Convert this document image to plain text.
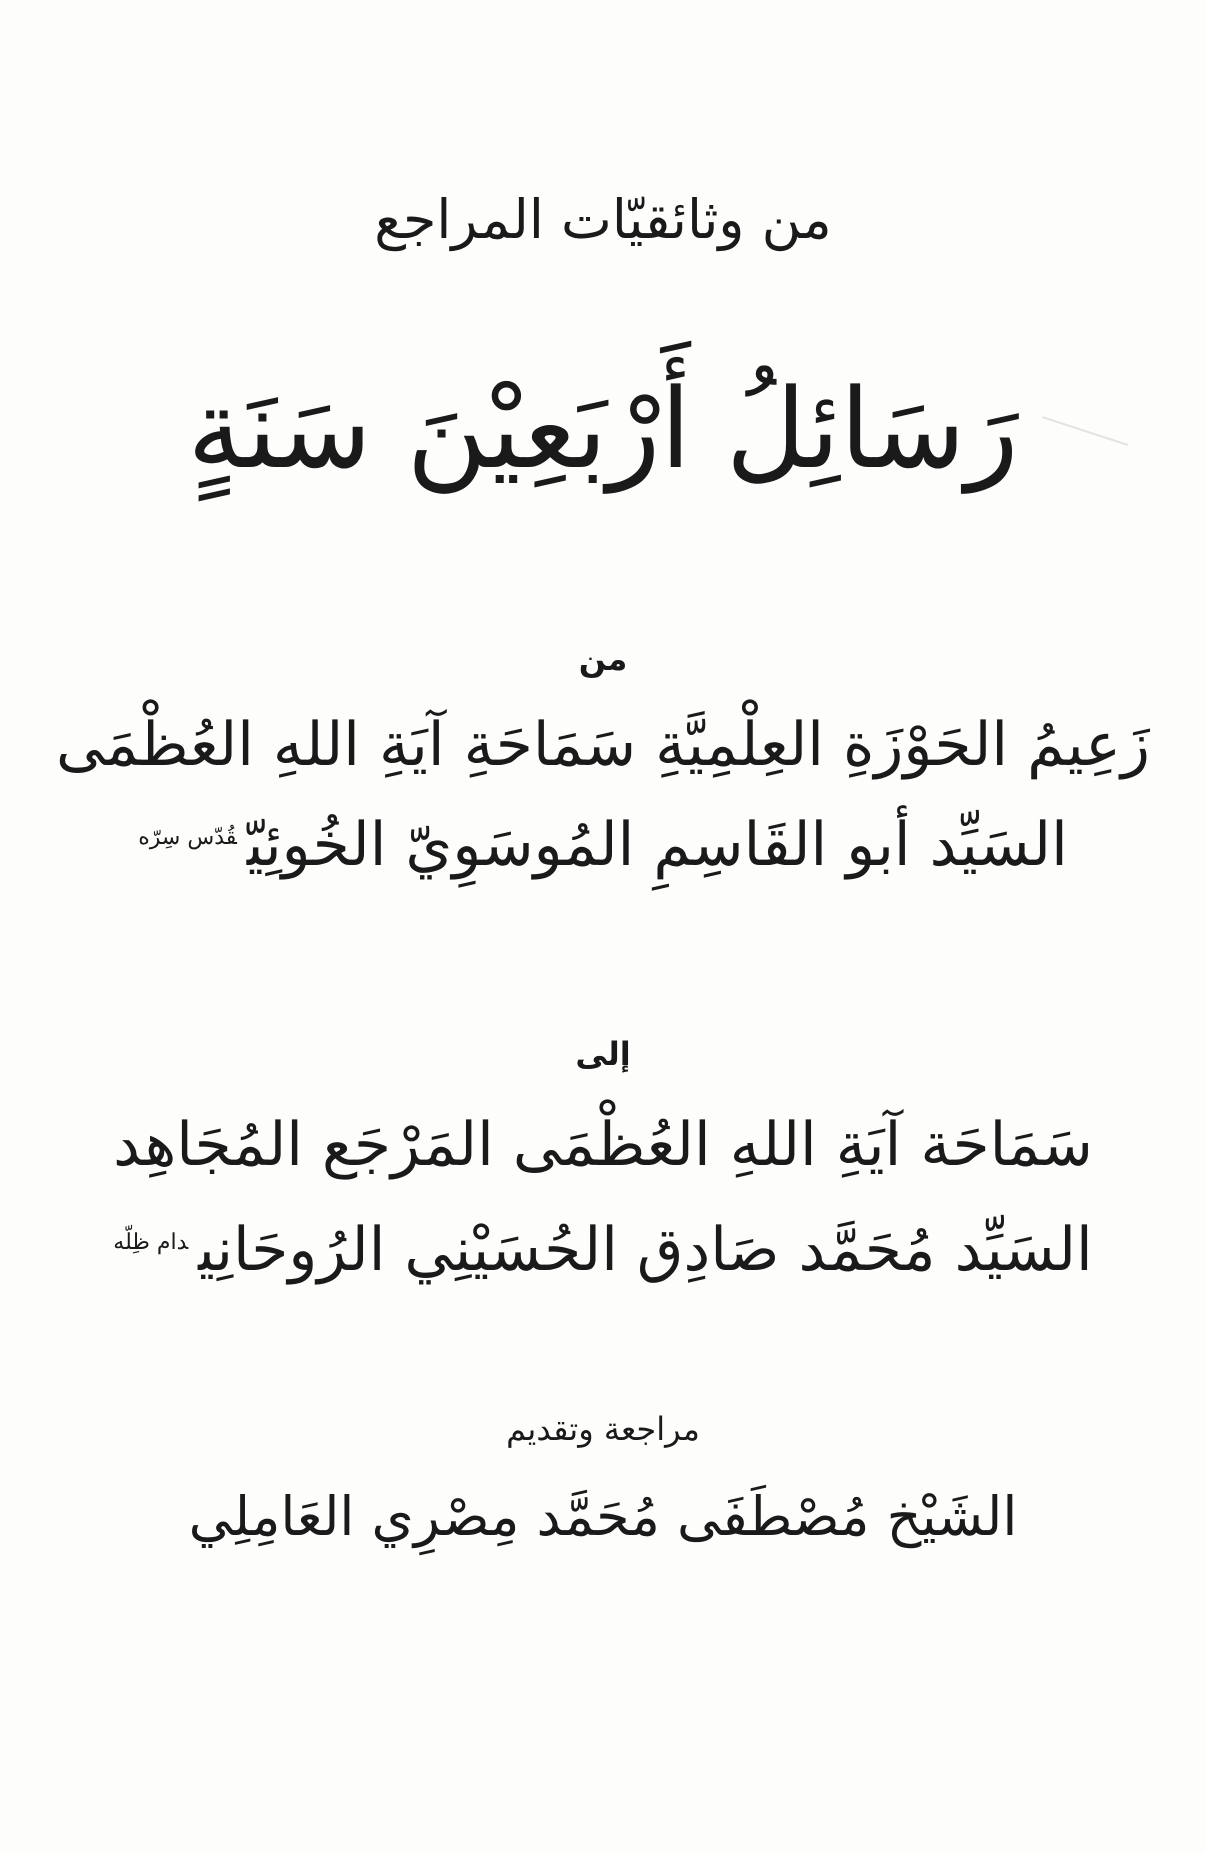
من وثائقيّات المراجع
رَسَائِلُ أَرْبَعِيْنَ سَنَةٍ
من
زَعِيمُ الحَوْزَةِ العِلْمِيَّةِ سَمَاحَةِ آيَةِ اللهِ العُظْمَى
السَيِّد أبو القَاسِمِ المُوسَوِيّ الخُوئِيّ$^{قُدّس سِرّه}$
إلى
سَمَاحَة آيَةِ اللهِ العُظْمَى المَرْجَع المُجَاهِد
السَيِّد مُحَمَّد صَادِق الحُسَيْنِي الرُوحَانِي$^{دام ظِلّه}$
مراجعة وتقديم
الشَيْخ مُصْطَفَى مُحَمَّد مِصْرِي العَامِلِي
